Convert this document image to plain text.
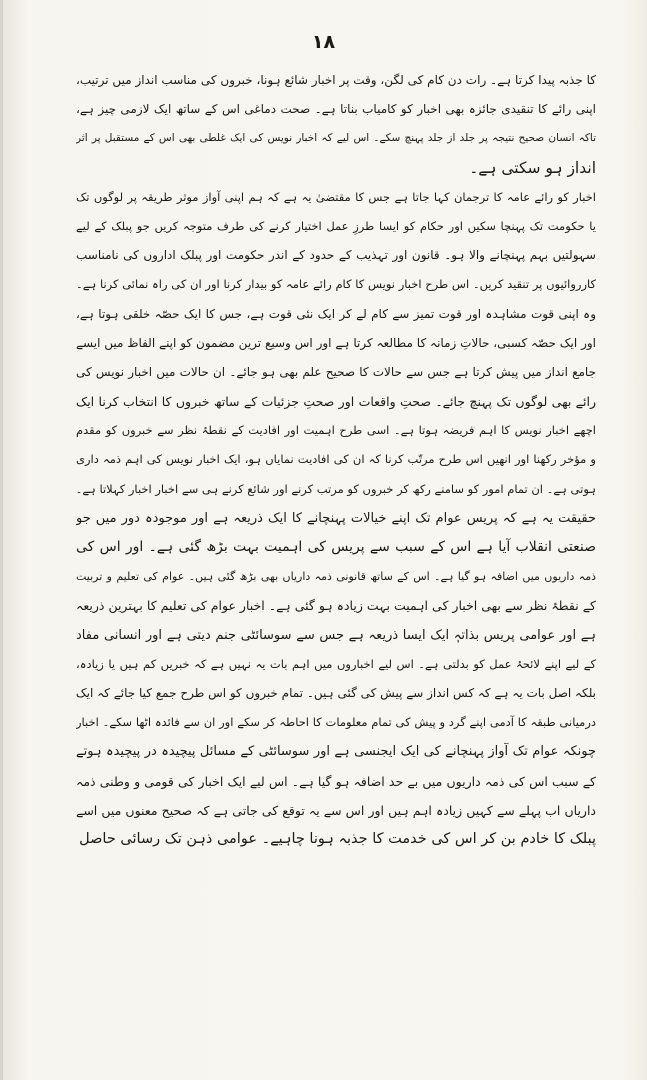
١٨
کا جذبہ پیدا کرتا ہے۔ رات دن کام کی لگن، وقت پر اخبار شائع ہونا، خبروں کی مناسب انداز میں ترتیب،
اپنی رائے کا تنقیدی جائزہ بھی اخبار کو کامیاب بناتا ہے۔ صحت دماغی اس کے ساتھ ایک لازمی چیز ہے،
تاکہ انسان صحیح نتیجہ پر جلد از جلد پہنچ سکے۔ اس لیے کہ اخبار نویس کی ایک غلطی بھی اس کے مستقبل پر اثر
انداز ہو سکتی ہے۔
اخبار کو رائے عامہ کا ترجمان کہا جاتا ہے جس کا مقتضیٰ یہ ہے کہ ہم اپنی آواز موثر طریقہ پر لوگوں تک
یا حکومت تک پہنچا سکیں اور حکام کو ایسا طرزِ عمل اختیار کرنے کی طرف متوجہ کریں جو پبلک کے لیے
سہولتیں بہم پہنچانے والا ہو۔ قانون اور تہذیب کے حدود کے اندر حکومت اور پبلک اداروں کی نامناسب
کارروائیوں پر تنقید کریں۔ اس طرح اخبار نویس کا کام رائے عامہ کو بیدار کرنا اور ان کی راہ نمائی کرنا ہے۔
وہ اپنی قوت مشاہدہ اور قوت تمیز سے کام لے کر ایک نئی قوت ہے، جس کا ایک حصّہ خلقی ہوتا ہے،
اور ایک حصّہ کسبی، حالاتِ زمانہ کا مطالعہ کرتا ہے اور اس وسیع ترین مضمون کو اپنے الفاظ میں ایسے
جامع انداز میں پیش کرتا ہے جس سے حالات کا صحیح علم بھی ہو جائے۔ ان حالات میں اخبار نویس کی
رائے بھی لوگوں تک پہنچ جائے۔ صحتِ واقعات اور صحتِ جزئیات کے ساتھ خبروں کا انتخاب کرنا ایک
اچھے اخبار نویس کا اہم فریضہ ہوتا ہے۔ اسی طرح اہمیت اور افادیت کے نقطۂ نظر سے خبروں کو مقدم
و مؤخر رکھنا اور انھیں اس طرح مرتّب کرنا کہ ان کی افادیت نمایاں ہو، ایک اخبار نویس کی اہم ذمہ داری
ہوتی ہے۔ ان تمام امور کو سامنے رکھ کر خبروں کو مرتب کرنے اور شائع کرنے ہی سے اخبار اخبار کہلاتا ہے۔
حقیقت یہ ہے کہ پریس عوام تک اپنے خیالات پہنچانے کا ایک ذریعہ ہے اور موجودہ دور میں جو
صنعتی انقلاب آیا ہے اس کے سبب سے پریس کی اہمیت بہت بڑھ گئی ہے۔ اور اس کی
ذمہ داریوں میں اضافہ ہو گیا ہے۔ اس کے ساتھ قانونی ذمہ داریاں بھی بڑھ گئی ہیں۔ عوام کی تعلیم و تربیت
کے نقطۂ نظر سے بھی اخبار کی اہمیت بہت زیادہ ہو گئی ہے۔ اخبار عوام کی تعلیم کا بہترین ذریعہ
ہے اور عوامی پریس بذاتہٖ ایک ایسا ذریعہ ہے جس سے سوسائٹی جنم دیتی ہے اور انسانی مفاد
کے لیے اپنے لائحۂ عمل کو بدلتی ہے۔ اس لیے اخباروں میں اہم بات یہ نہیں ہے کہ خبریں کم ہیں یا زیادہ،
بلکہ اصل بات یہ ہے کہ کس انداز سے پیش کی گئی ہیں۔ تمام خبروں کو اس طرح جمع کیا جائے کہ ایک
درمیانی طبقہ کا آدمی اپنے گرد و پیش کی تمام معلومات کا احاطہ کر سکے اور ان سے فائدہ اٹھا سکے۔ اخبار
چونکہ عوام تک آواز پہنچانے کی ایک ایجنسی ہے اور سوسائٹی کے مسائل پیچیدہ در پیچیدہ ہوتے
کے سبب اس کی ذمہ داریوں میں بے حد اضافہ ہو گیا ہے۔ اس لیے ایک اخبار کی قومی و وطنی ذمہ
داریاں اب پہلے سے کہیں زیادہ اہم ہیں اور اس سے یہ توقع کی جاتی ہے کہ صحیح معنوں میں اسے
پبلک کا خادم بن کر اس کی خدمت کا جذبہ ہونا چاہیے۔ عوامی ذہن تک رسائی حاصل
